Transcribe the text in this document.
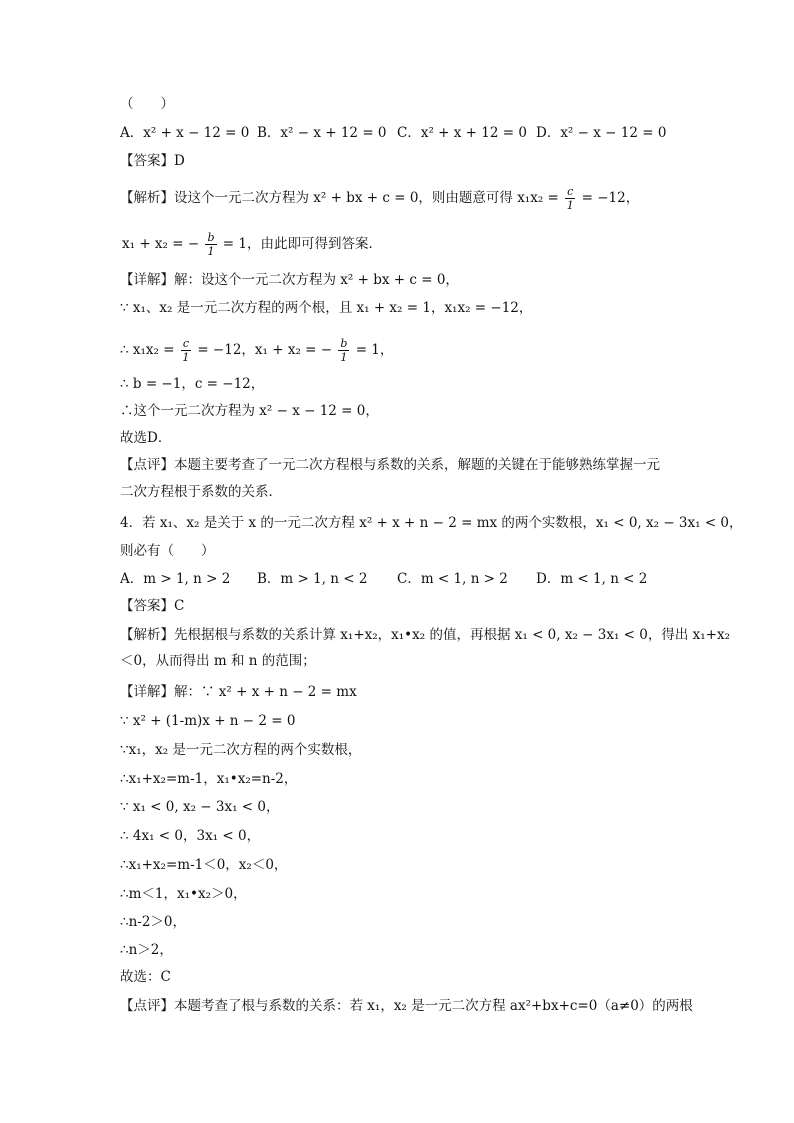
（　　）
A．x² + x − 12 = 0 B．x² − x + 12 = 0 C．x² + x + 12 = 0 D．x² − x − 12 = 0
【答案】D
【解析】设这个一元二次方程为 x² + bx + c = 0，则由题意可得 $x_1x_2 = \frac{c}{1} = -12$，
x₁ + x₂ = − $\frac{b}{1} = 1$，由此即可得到答案．
【详解】解：设这个一元二次方程为 x² + bx + c = 0，
∵ x₁、x₂ 是一元二次方程的两个根，且 x₁ + x₂ = 1，x₁x₂ = −12，
∴ $x_1x_2 = \frac{c}{1} = -12$，x₁ + x₂ = − $\frac{b}{1} = 1$，
∴ b = −1，c = −12，
∴这个一元二次方程为 x² − x − 12 = 0，
故选D．
【点评】本题主要考查了一元二次方程根与系数的关系，解题的关键在于能够熟练掌握一元
二次方程根于系数的关系．
4．若 x₁、x₂ 是关于 x 的一元二次方程 x² + x + n − 2 = mx 的两个实数根，x₁ < 0, x₂ − 3x₁ < 0，
则必有（　　）
A．m > 1, n > 2 B．m > 1, n < 2 C．m < 1, n > 2 D．m < 1, n < 2
【答案】C
【解析】先根据根与系数的关系计算 x₁+x₂，x₁•x₂ 的值，再根据 x₁ < 0, x₂ − 3x₁ < 0，得出 x₁+x₂
＜0，从而得出 m 和 n 的范围；
【详解】解：∵ x² + x + n − 2 = mx
∵ x² + (1-m)x + n − 2 = 0
∵x₁，x₂ 是一元二次方程的两个实数根，
∴x₁+x₂=m-1，x₁•x₂=n-2，
∵ x₁ < 0, x₂ − 3x₁ < 0，
∴ 4x₁ < 0，3x₁ < 0，
∴x₁+x₂=m-1＜0，x₂＜0，
∴m＜1，x₁•x₂＞0，
∴n-2＞0，
∴n＞2，
故选：C
【点评】本题考查了根与系数的关系：若 x₁，x₂ 是一元二次方程 ax²+bx+c=0（a≠0）的两根
